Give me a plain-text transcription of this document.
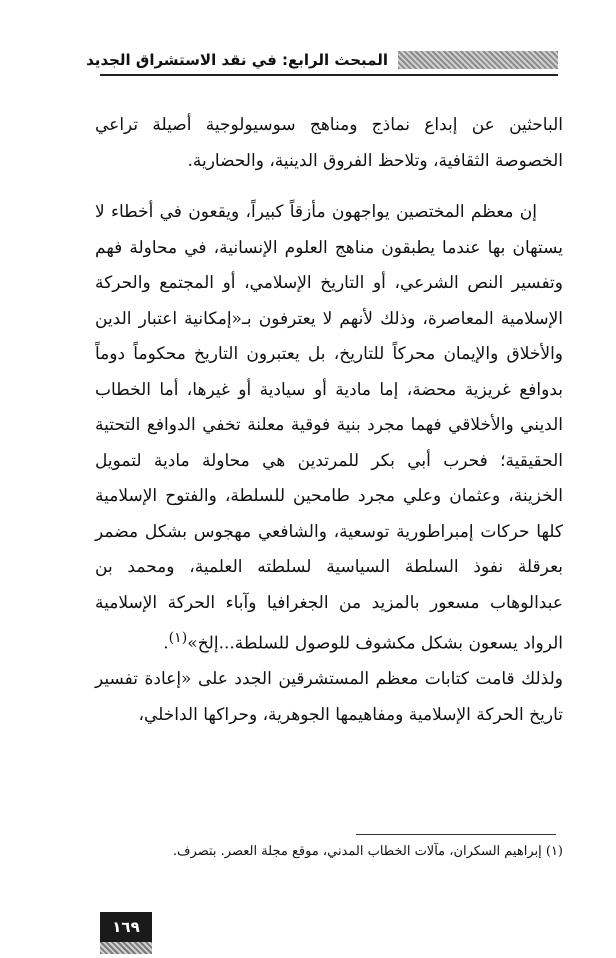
المبحث الرابع: في نقد الاستشراق الجديد

الباحثين عن إبداع نماذج ومناهج سوسيولوجية أصيلة تراعي الخصوصة الثقافية، وتلاحظ الفروق الدينية، والحضارية.

إن معظم المختصين يواجهون مأزقاً كبيراً، ويقعون في أخطاء لا يستهان بها عندما يطبقون مناهج العلوم الإنسانية، في محاولة فهم وتفسير النص الشرعي، أو التاريخ الإسلامي، أو المجتمع والحركة الإسلامية المعاصرة، وذلك لأنهم لا يعترفون بـ«إمكانية اعتبار الدين والأخلاق والإيمان محركاً للتاريخ، بل يعتبرون التاريخ محكوماً دوماً بدوافع غريزية محضة، إما مادية أو سيادية أو غيرها، أما الخطاب الديني والأخلاقي فهما مجرد بنية فوقية معلنة تخفي الدوافع التحتية الحقيقية؛ فحرب أبي بكر للمرتدين هي محاولة مادية لتمويل الخزينة، وعثمان وعلي مجرد طامحين للسلطة، والفتوح الإسلامية كلها حركات إمبراطورية توسعية، والشافعي مهجوس بشكل مضمر بعرقلة نفوذ السلطة السياسية لسلطته العلمية، ومحمد بن عبدالوهاب مسعور بالمزيد من الجغرافيا وآباء الحركة الإسلامية الرواد يسعون بشكل مكشوف للوصول للسلطة...إلخ»$^{(١)}$.

ولذلك قامت كتابات معظم المستشرقين الجدد على «إعادة تفسير تاريخ الحركة الإسلامية ومفاهيمها الجوهرية، وحراكها الداخلي،

(١) إبراهيم السكران، مآلات الخطاب المدني، موقع مجلة العصر. بتصرف.
١٦٩
